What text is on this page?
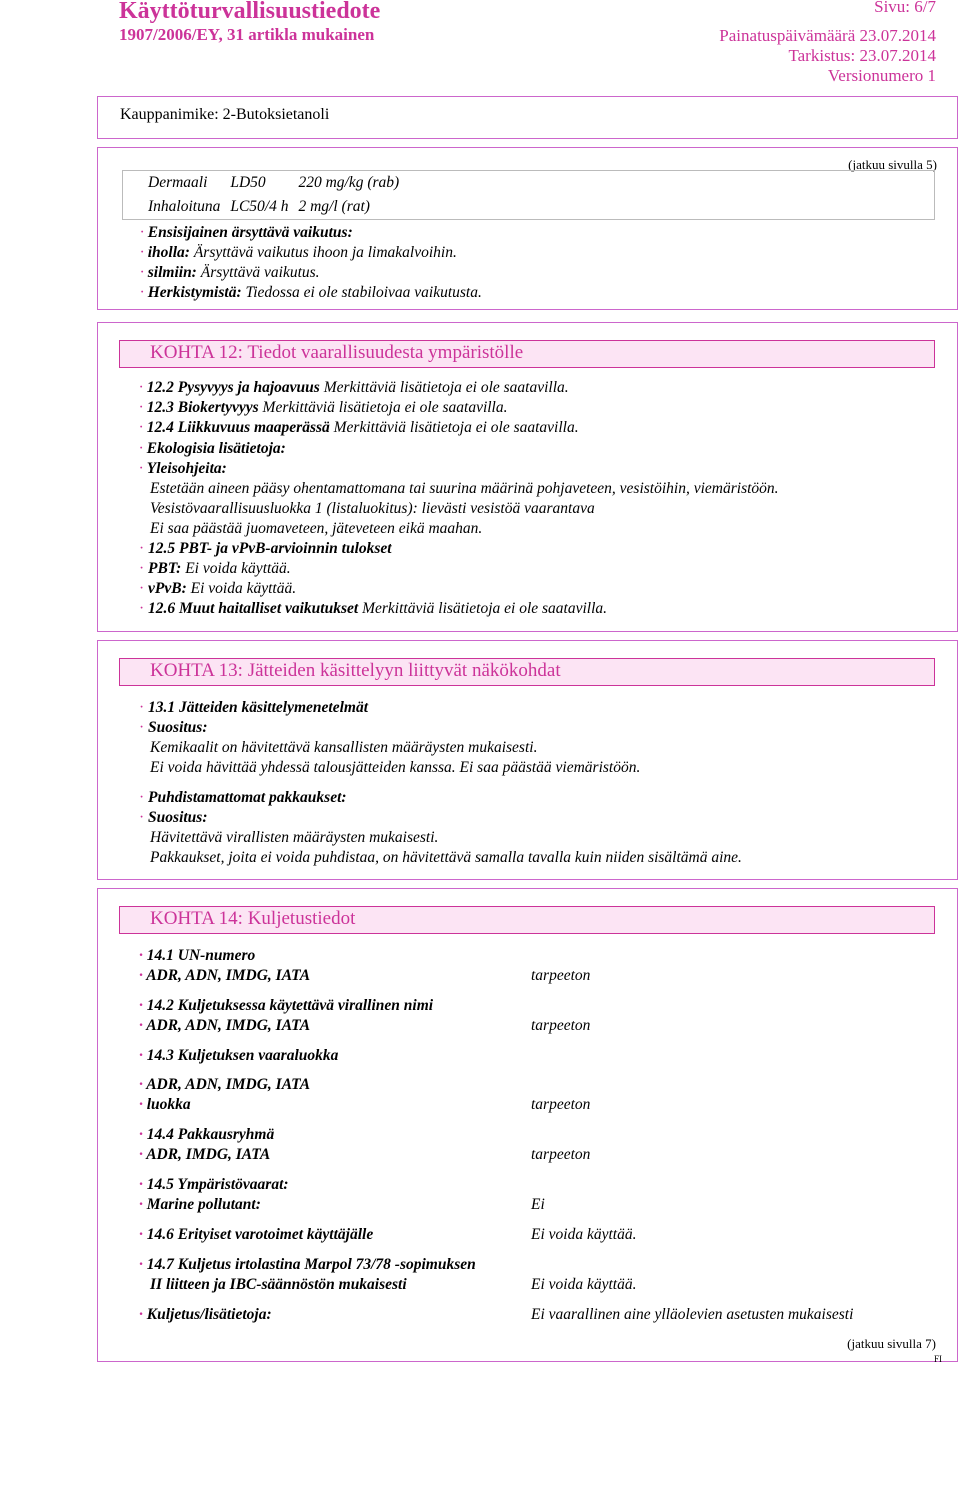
Käyttöturvallisuustiedote
1907/2006/EY, 31 artikla mukainen
Sivu: 6/7
Painatuspäivämäärä 23.07.2014
Tarkistus: 23.07.2014
Versionumero 1
Kauppanimike: 2-Butoksietanoli
(jatkuu sivulla 5)
Dermaali	LD50	220 mg/kg (rab)
Inhaloituna	LC50/4 h	2 mg/l (rat)
· Ensisijainen ärsyttävä vaikutus:
· iholla: Ärsyttävä vaikutus ihoon ja limakalvoihin.
· silmiin: Ärsyttävä vaikutus.
· Herkistymistä: Tiedossa ei ole stabiloivaa vaikutusta.
KOHTA 12: Tiedot vaarallisuudesta ympäristölle
· 12.2 Pysyvyys ja hajoavuus Merkittäviä lisätietoja ei ole saatavilla.
· 12.3 Biokertyvyys Merkittäviä lisätietoja ei ole saatavilla.
· 12.4 Liikkuvuus maaperässä Merkittäviä lisätietoja ei ole saatavilla.
· Ekologisia lisätietoja:
· Yleisohjeita:
Estetään aineen pääsy ohentamattomana tai suurina määrinä pohjaveteen, vesistöihin, viemäristöön.
Vesistövaarallisuusluokka 1 (listaluokitus): lievästi vesistöä vaarantava
Ei saa päästää juomaveteen, jäteveteen eikä maahan.
· 12.5 PBT- ja vPvB-arvioinnin tulokset
· PBT: Ei voida käyttää.
· vPvB: Ei voida käyttää.
· 12.6 Muut haitalliset vaikutukset Merkittäviä lisätietoja ei ole saatavilla.
KOHTA 13: Jätteiden käsittelyyn liittyvät näkökohdat
· 13.1 Jätteiden käsittelymenetelmät
· Suositus:
Kemikaalit on hävitettävä kansallisten määräysten mukaisesti.
Ei voida hävittää yhdessä talousjätteiden kanssa. Ei saa päästää viemäristöön.
· Puhdistamattomat pakkaukset:
· Suositus:
Hävitettävä virallisten määräysten mukaisesti.
Pakkaukset, joita ei voida puhdistaa, on hävitettävä samalla tavalla kuin niiden sisältämä aine.
KOHTA 14: Kuljetustiedot
· 14.1 UN-numero
· ADR, ADN, IMDG, IATA	tarpeeton
· 14.2 Kuljetuksessa käytettävä virallinen nimi
· ADR, ADN, IMDG, IATA	tarpeeton
· 14.3 Kuljetuksen vaaraluokka
· ADR, ADN, IMDG, IATA
· luokka	tarpeeton
· 14.4 Pakkausryhmä
· ADR, IMDG, IATA	tarpeeton
· 14.5 Ympäristövaarat:
· Marine pollutant:	Ei
· 14.6 Erityiset varotoimet käyttäjälle	Ei voida käyttää.
· 14.7 Kuljetus irtolastina Marpol 73/78 -sopimuksen
II liitteen ja IBC-säännöstön mukaisesti	Ei voida käyttää.
· Kuljetus/lisätietoja:	Ei vaarallinen aine ylläolevien asetusten mukaisesti
(jatkuu sivulla 7)
FI
